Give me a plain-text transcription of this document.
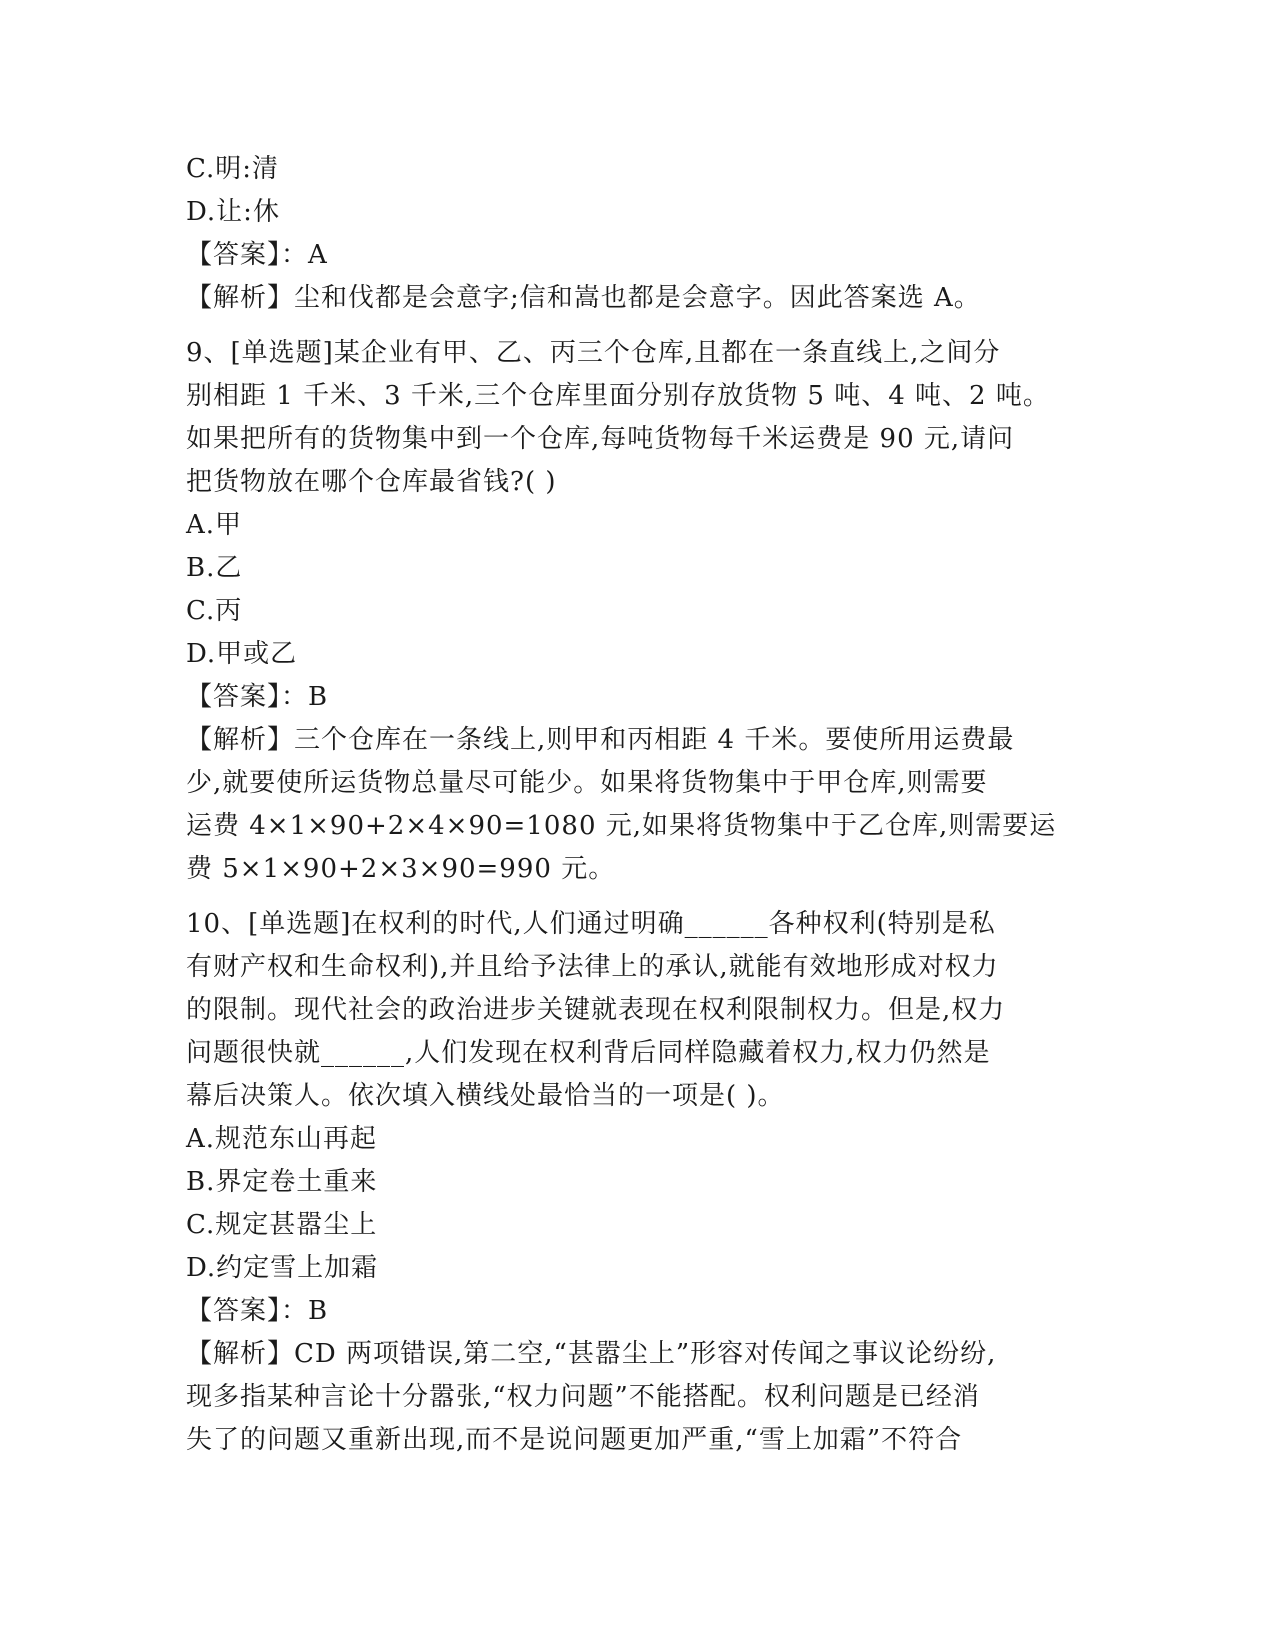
C.明:清
D.让:休
【答案】：A
【解析】尘和伐都是会意字;信和嵩也都是会意字。因此答案选 A。
9、[单选题]某企业有甲、乙、丙三个仓库,且都在一条直线上,之间分
别相距 1 千米、3 千米,三个仓库里面分别存放货物 5 吨、4 吨、2 吨。
如果把所有的货物集中到一个仓库,每吨货物每千米运费是 90 元,请问
把货物放在哪个仓库最省钱?( )
A.甲
B.乙
C.丙
D.甲或乙
【答案】：B
【解析】三个仓库在一条线上,则甲和丙相距 4 千米。要使所用运费最
少,就要使所运货物总量尽可能少。如果将货物集中于甲仓库,则需要
运费 4×1×90+2×4×90=1080 元,如果将货物集中于乙仓库,则需要运
费 5×1×90+2×3×90=990 元。
10、[单选题]在权利的时代,人们通过明确______各种权利(特别是私
有财产权和生命权利),并且给予法律上的承认,就能有效地形成对权力
的限制。现代社会的政治进步关键就表现在权利限制权力。但是,权力
问题很快就______,人们发现在权利背后同样隐藏着权力,权力仍然是
幕后决策人。依次填入横线处最恰当的一项是( )。
A.规范东山再起
B.界定卷土重来
C.规定甚嚣尘上
D.约定雪上加霜
【答案】：B
【解析】CD 两项错误,第二空,“甚嚣尘上”形容对传闻之事议论纷纷,
现多指某种言论十分嚣张,“权力问题”不能搭配。权利问题是已经消
失了的问题又重新出现,而不是说问题更加严重,“雪上加霜”不符合
